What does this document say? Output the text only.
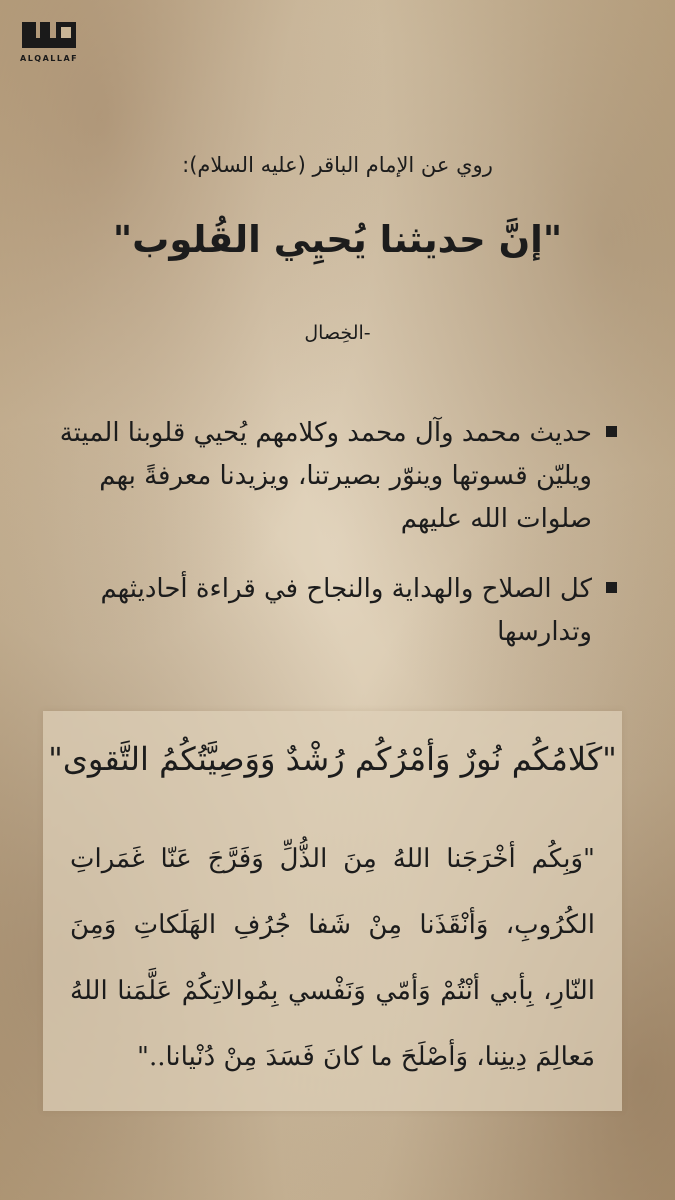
ALQALLAF
روي عن الإمام الباقر (عليه السلام):
"إنَّ حديثنا يُحيِي القُلوب"
-الخِصال
حديث محمد وآل محمد وكلامهم يُحيي قلوبنا الميتة ويليّن قسوتها وينوّر بصيرتنا، ويزيدنا معرفةً بهم صلوات الله عليهم
كل الصلاح والهداية والنجاح في قراءة أحاديثهم وتدارسها
"كَلامُكُم نُورٌ وَأمْرُكُم رُشْدٌ وَوَصِيَّتُكُمُ التَّقوى"
"وَبِكُم أخْرَجَنا اللهُ مِنَ الذُّلِّ وَفَرَّجَ عَنّا غَمَراتِ الكُرُوبِ، وَأنْقَذَنا مِنْ شَفا جُرُفِ الهَلَكاتِ وَمِنَ النّارِ، بِأبي أنْتُمْ وَأمّي وَنَفْسي بِمُوالاتِكُمْ عَلَّمَنا اللهُ مَعالِمَ دِينِنا، وَأصْلَحَ ما كانَ فَسَدَ مِنْ دُنْيانا.."
